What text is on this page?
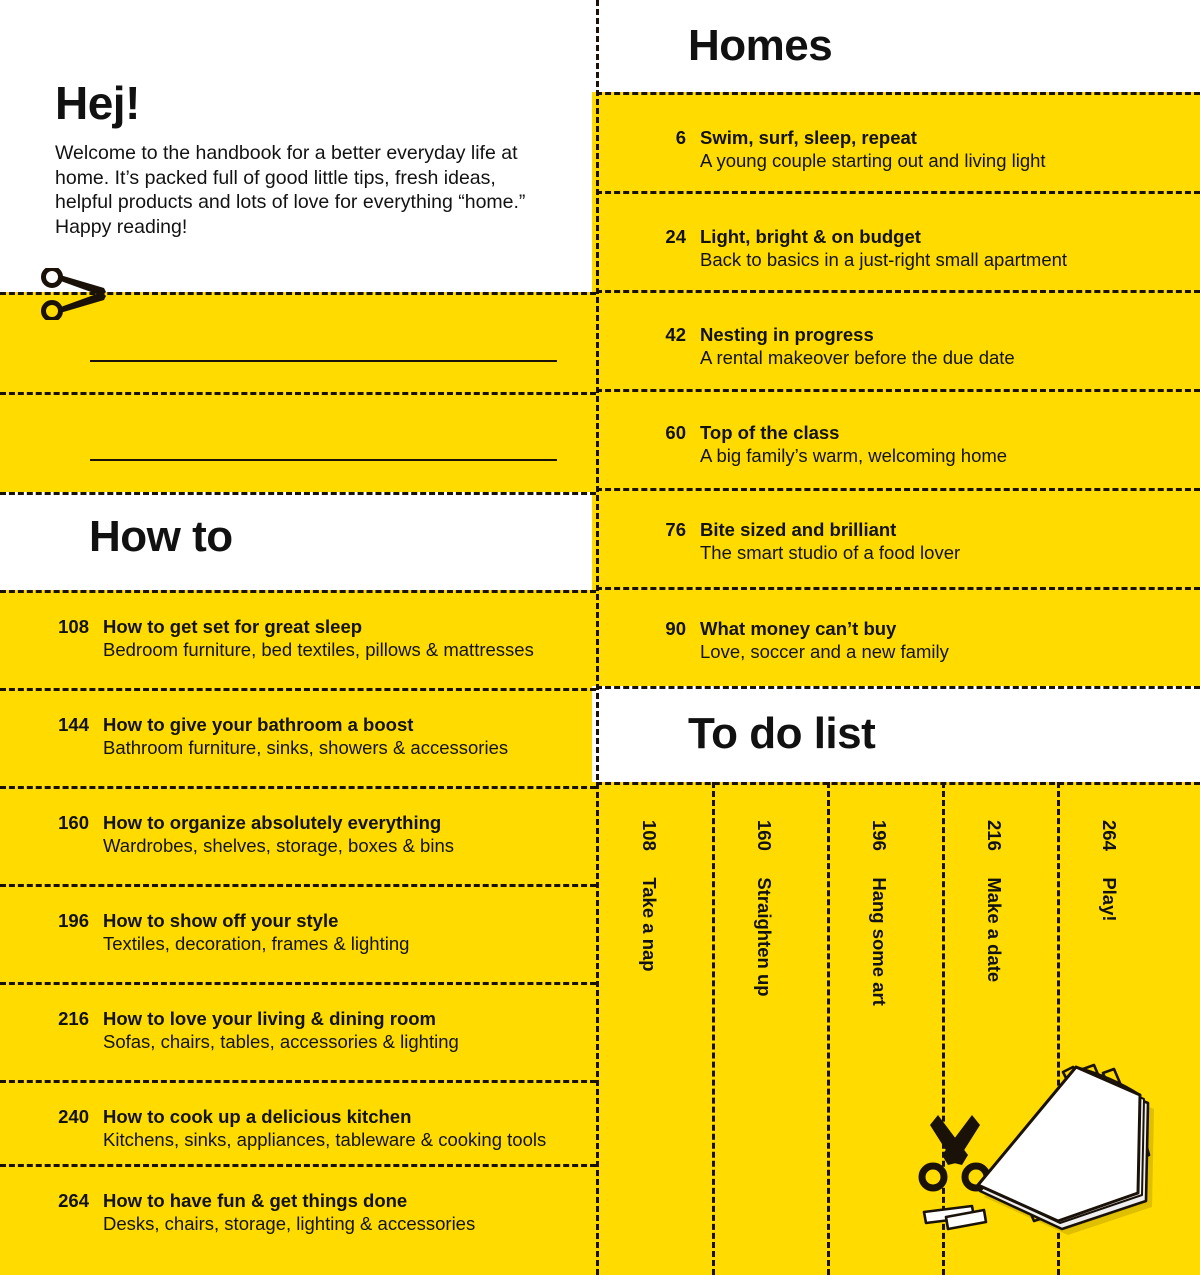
Hej!
Welcome to the handbook for a better everyday life at home. It’s packed full of good little tips, fresh ideas, helpful products and lots of love for everything “home.” Happy reading!
How to
108 How to get set for great sleep
Bedroom furniture, bed textiles, pillows & mattresses
144 How to give your bathroom a boost
Bathroom furniture, sinks, showers & accessories
160 How to organize absolutely everything
Wardrobes, shelves, storage, boxes & bins
196 How to show off your style
Textiles, decoration, frames & lighting
216 How to love your living & dining room
Sofas, chairs, tables, accessories & lighting
240 How to cook up a delicious kitchen
Kitchens, sinks, appliances, tableware & cooking tools
264 How to have fun & get things done
Desks, chairs, storage, lighting & accessories
Homes
6 Swim, surf, sleep, repeat
A young couple starting out and living light
24 Light, bright & on budget
Back to basics in a just-right small apartment
42 Nesting in progress
A rental makeover before the due date
60 Top of the class
A big family’s warm, welcoming home
76 Bite sized and brilliant
The smart studio of a food lover
90 What money can’t buy
Love, soccer and a new family
To do list
108 Take a nap
160 Straighten up
196 Hang some art
216 Make a date
264 Play!
